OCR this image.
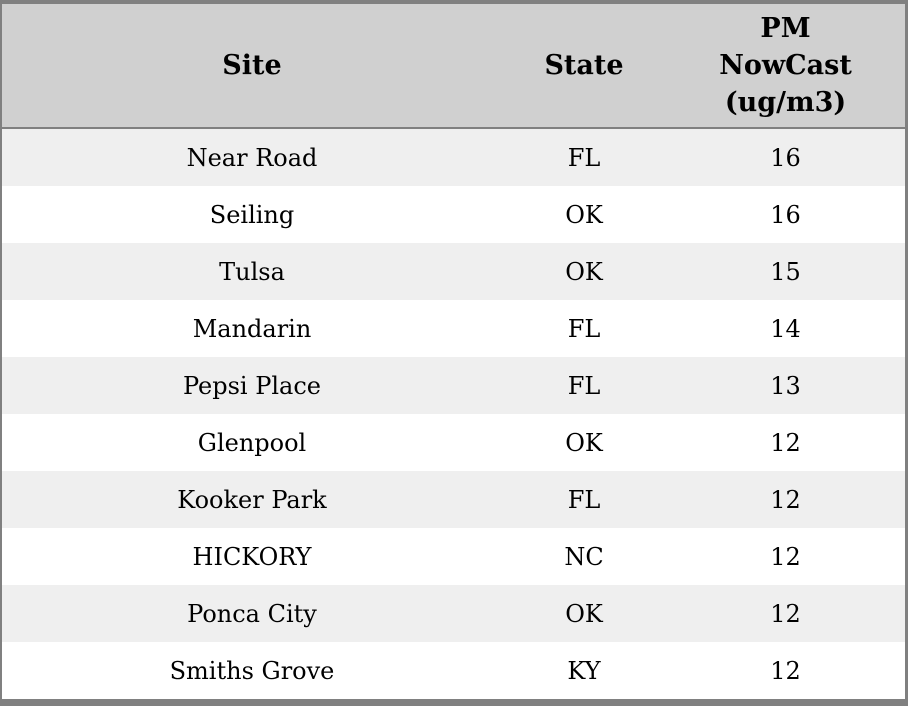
Site	State	PM
NowCast
(ug/m3)

Near Road	FL	16
Seiling	OK	16
Tulsa	OK	15
Mandarin	FL	14
Pepsi Place	FL	13
Glenpool	OK	12
Kooker Park	FL	12
HICKORY	NC	12
Ponca City	OK	12
Smiths Grove	KY	12
